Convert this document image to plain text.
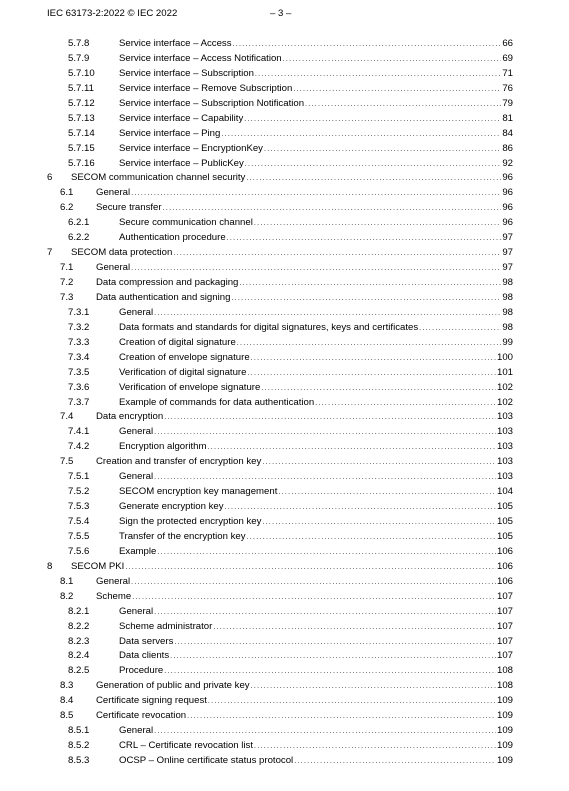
IEC 63173-2:2022 © IEC 2022	– 3 –
5.7.8	Service interface – Access .....	66
5.7.9	Service interface – Access Notification .....	69
5.7.10	Service interface – Subscription .....	71
5.7.11	Service interface – Remove Subscription .....	76
5.7.12	Service interface – Subscription Notification .....	79
5.7.13	Service interface – Capability .....	81
5.7.14	Service interface – Ping .....	84
5.7.15	Service interface – EncryptionKey .....	86
5.7.16	Service interface – PublicKey .....	92
6 SECOM communication channel security .....	96
6.1 General .....	96
6.2 Secure transfer .....	96
6.2.1	Secure communication channel .....	96
6.2.2	Authentication procedure .....	97
7 SECOM data protection .....	97
7.1 General .....	97
7.2 Data compression and packaging .....	98
7.3 Data authentication and signing .....	98
7.3.1	General .....	98
7.3.2	Data formats and standards for digital signatures, keys and certificates .....	98
7.3.3	Creation of digital signature .....	99
7.3.4	Creation of envelope signature .....	100
7.3.5	Verification of digital signature .....	101
7.3.6	Verification of envelope signature .....	102
7.3.7	Example of commands for data authentication .....	102
7.4 Data encryption .....	103
7.4.1	General .....	103
7.4.2	Encryption algorithm .....	103
7.5 Creation and transfer of encryption key .....	103
7.5.1	General .....	103
7.5.2	SECOM encryption key management .....	104
7.5.3	Generate encryption key .....	105
7.5.4	Sign the protected encryption key .....	105
7.5.5	Transfer of the encryption key .....	105
7.5.6	Example .....	106
8 SECOM PKI .....	106
8.1 General .....	106
8.2 Scheme .....	107
8.2.1	General .....	107
8.2.2	Scheme administrator .....	107
8.2.3	Data servers .....	107
8.2.4	Data clients .....	107
8.2.5	Procedure .....	108
8.3 Generation of public and private key .....	108
8.4 Certificate signing request .....	109
8.5 Certificate revocation .....	109
8.5.1	General .....	109
8.5.2	CRL – Certificate revocation list .....	109
8.5.3	OCSP – Online certificate status protocol .....	109
